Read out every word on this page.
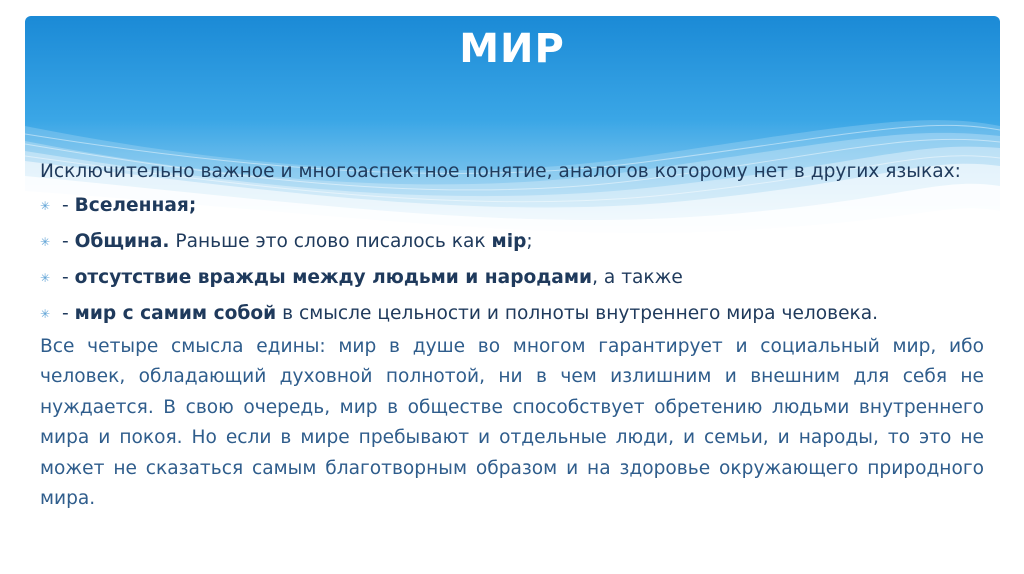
МИР

Исключительно важное и многоаспектное понятие, аналогов которому нет в других языках:

✳ - Вселенная;
✳ - Община. Раньше это слово писалось как мiр;
✳ - отсутствие вражды между людьми и народами, а также
✳ - мир с самим собой в смысле цельности и полноты внутреннего мира человека.

Все четыре смысла едины: мир в душе во многом гарантирует и социальный мир, ибо человек, обладающий духовной полнотой, ни в чем излишним и внешним для себя не нуждается. В свою очередь, мир в обществе способствует обретению людьми внутреннего мира и покоя. Но если в мире пребывают и отдельные люди, и семьи, и народы, то это не может не сказаться самым благотворным образом и на здоровье окружающего природного мира.
